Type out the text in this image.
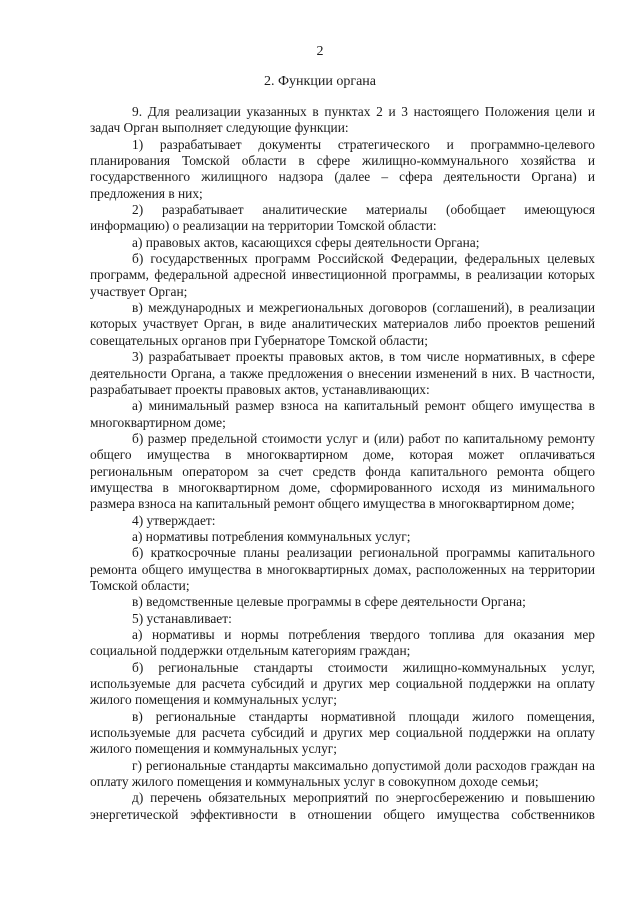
2
2. Функции органа

9. Для реализации указанных в пунктах 2 и 3 настоящего Положения цели и задач Орган выполняет следующие функции:

1) разрабатывает документы стратегического и программно-целевого планирования Томской области в сфере жилищно-коммунального хозяйства и государственного жилищного надзора (далее – сфера деятельности Органа) и предложения в них;

2) разрабатывает аналитические материалы (обобщает имеющуюся информацию) о реализации на территории Томской области:

а) правовых актов, касающихся сферы деятельности Органа;

б) государственных программ Российской Федерации, федеральных целевых программ, федеральной адресной инвестиционной программы, в реализации которых участвует Орган;

в) международных и межрегиональных договоров (соглашений), в реализации которых участвует Орган, в виде аналитических материалов либо проектов решений совещательных органов при Губернаторе Томской области;

3) разрабатывает проекты правовых актов, в том числе нормативных, в сфере деятельности Органа, а также предложения о внесении изменений в них. В частности, разрабатывает проекты правовых актов, устанавливающих:

а) минимальный размер взноса на капитальный ремонт общего имущества в многоквартирном доме;

б) размер предельной стоимости услуг и (или) работ по капитальному ремонту общего имущества в многоквартирном доме, которая может оплачиваться региональным оператором за счет средств фонда капитального ремонта общего имущества в многоквартирном доме, сформированного исходя из минимального размера взноса на капитальный ремонт общего имущества в многоквартирном доме;

4) утверждает:

а) нормативы потребления коммунальных услуг;

б) краткосрочные планы реализации региональной программы капитального ремонта общего имущества в многоквартирных домах, расположенных на территории Томской области;

в) ведомственные целевые программы в сфере деятельности Органа;

5) устанавливает:

а) нормативы и нормы потребления твердого топлива для оказания мер социальной поддержки отдельным категориям граждан;

б) региональные стандарты стоимости жилищно-коммунальных услуг, используемые для расчета субсидий и других мер социальной поддержки на оплату жилого помещения и коммунальных услуг;

в) региональные стандарты нормативной площади жилого помещения, используемые для расчета субсидий и других мер социальной поддержки на оплату жилого помещения и коммунальных услуг;

г) региональные стандарты максимально допустимой доли расходов граждан на оплату жилого помещения и коммунальных услуг в совокупном доходе семьи;

д) перечень обязательных мероприятий по энергосбережению и повышению энергетической эффективности в отношении общего имущества собственников
